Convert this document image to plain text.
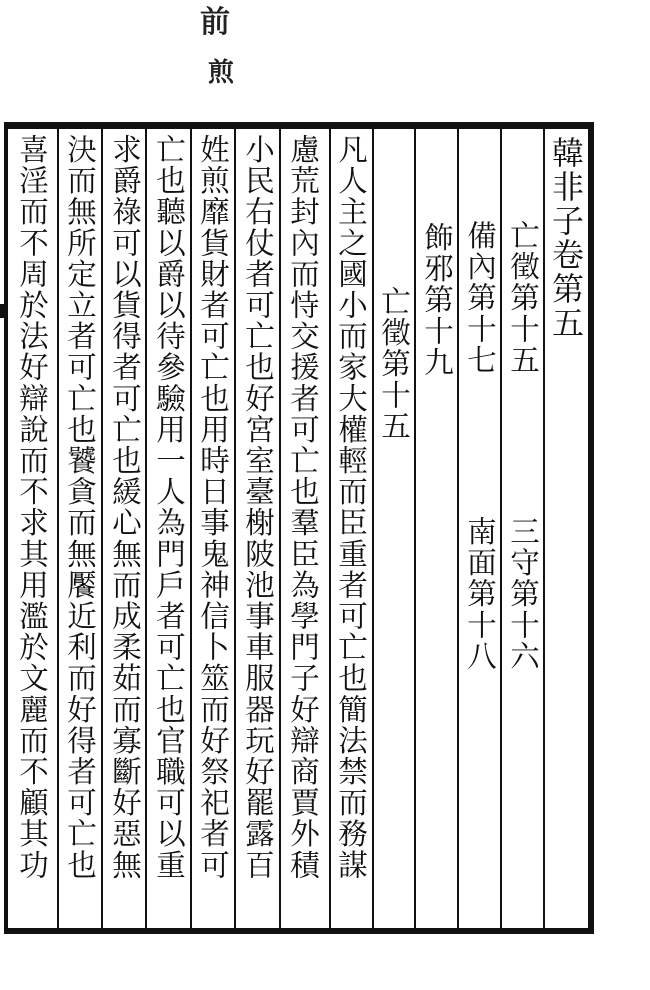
前
煎
韓非子卷第五
亡徵第十五
三守第十六
備內第十七
南面第十八
飾邪第十九
亡徵第十五
凡人主之國小而家大權輕而臣重者可亡也簡法禁而務謀
慮荒封內而恃交援者可亡也羣臣為學門子好辯商賈外積
小民右仗者可亡也好宮室臺榭陂池事車服器玩好罷露百
姓煎靡貨財者可亡也用時日事鬼神信卜筮而好祭祀者可
亡也聽以爵以待參驗用一人為門戶者可亡也官職可以重
求爵祿可以貨得者可亡也緩心無而成柔茹而寡斷好惡無
決而無所定立者可亡也饕貪而無饜近利而好得者可亡也
喜淫而不周於法好辯說而不求其用濫於文麗而不顧其功
